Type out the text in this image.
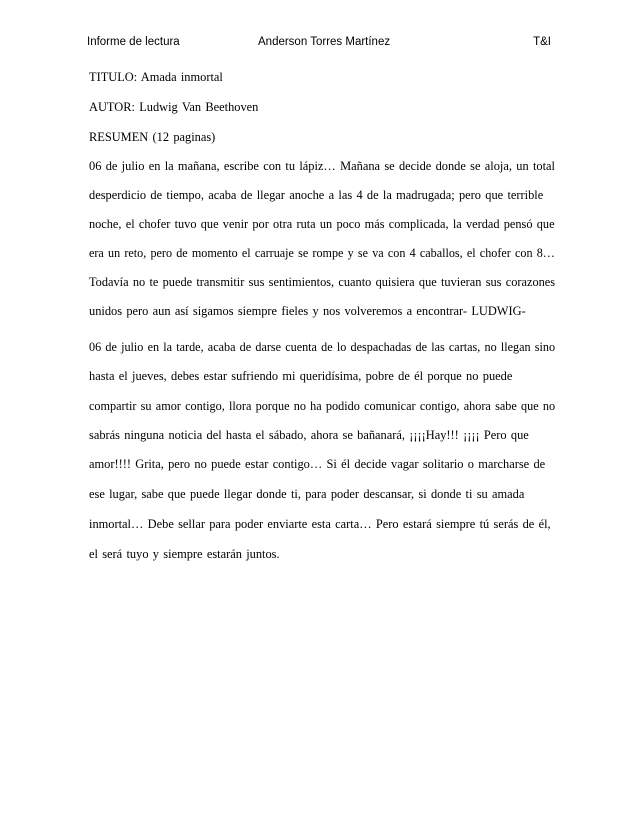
Informe de lectura	Anderson Torres Martínez	T&I
TITULO: Amada inmortal
AUTOR: Ludwig Van Beethoven
RESUMEN (12 paginas)
06 de julio en la mañana, escribe con tu lápiz… Mañana se decide donde se aloja, un total
desperdicio de tiempo, acaba de llegar anoche a las 4 de la madrugada; pero que terrible
noche, el chofer tuvo que venir por otra ruta un poco más complicada, la verdad pensó que
era un reto, pero de momento el carruaje se rompe y se va con 4 caballos, el chofer con 8…
Todavía no te puede transmitir sus sentimientos, cuanto quisiera que tuvieran sus corazones
unidos pero aun así sigamos siempre fieles y nos volveremos a encontrar- LUDWIG-
06 de julio en la tarde, acaba de darse cuenta de lo despachadas de las cartas, no llegan sino
hasta el jueves, debes estar sufriendo mi queridísima, pobre de él porque no puede
compartir su amor contigo, llora porque no ha podido comunicar contigo, ahora sabe que no
sabrás ninguna noticia del hasta el sábado, ahora se bañanará, ¡¡¡¡Hay!!! ¡¡¡¡ Pero que
amor!!!! Grita, pero no puede estar contigo… Si él decide vagar solitario o marcharse de
ese lugar, sabe que puede llegar donde ti, para poder descansar, si donde ti su amada
inmortal… Debe sellar para poder enviarte esta carta… Pero estará siempre tú serás de él,
el será tuyo y siempre estarán juntos.
